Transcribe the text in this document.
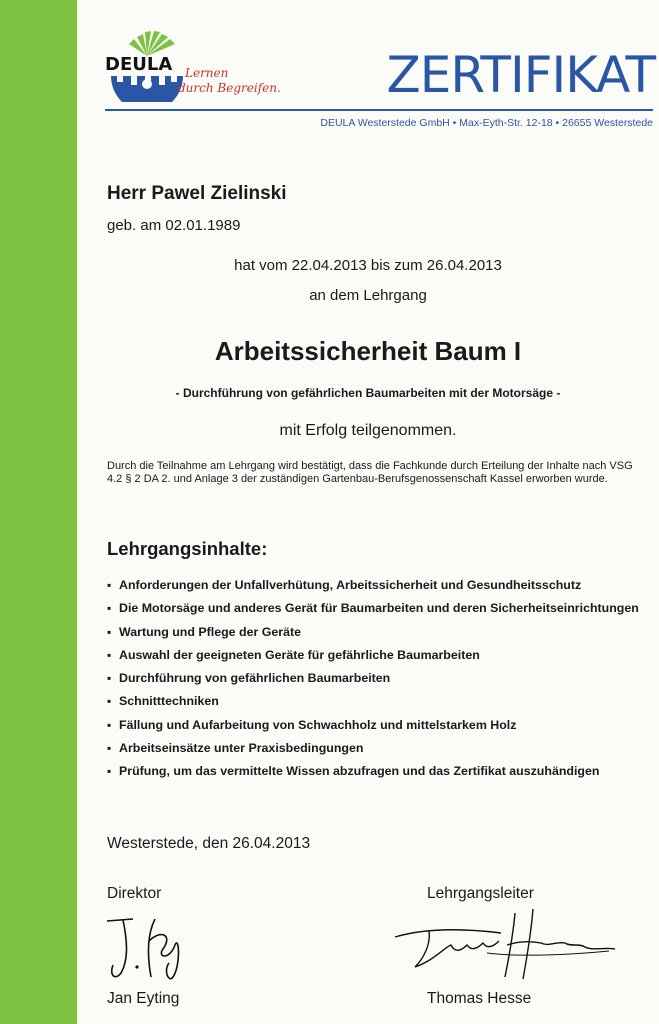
DEULA Lernen
durch Begreifen. ZERTIFIKAT
DEULA Westerstede GmbH • Max-Eyth-Str. 12-18 • 26655 Westerstede
Herr Pawel Zielinski
geb. am 02.01.1989
hat vom 22.04.2013 bis zum 26.04.2013
an dem Lehrgang
Arbeitssicherheit Baum I
- Durchführung von gefährlichen Baumarbeiten mit der Motorsäge -
mit Erfolg teilgenommen.
Durch die Teilnahme am Lehrgang wird bestätigt, dass die Fachkunde durch Erteilung der Inhalte nach VSG 4.2 § 2 DA 2. und Anlage 3 der zuständigen Gartenbau-Berufsgenossenschaft Kassel erworben wurde.
Lehrgangsinhalte:
▪ Anforderungen der Unfallverhütung, Arbeitssicherheit und Gesundheitsschutz
▪ Die Motorsäge und anderes Gerät für Baumarbeiten und deren Sicherheitseinrichtungen
▪ Wartung und Pflege der Geräte
▪ Auswahl der geeigneten Geräte für gefährliche Baumarbeiten
▪ Durchführung von gefährlichen Baumarbeiten
▪ Schnitttechniken
▪ Fällung und Aufarbeitung von Schwachholz und mittelstarkem Holz
▪ Arbeitseinsätze unter Praxisbedingungen
▪ Prüfung, um das vermittelte Wissen abzufragen und das Zertifikat auszuhändigen
Westerstede, den 26.04.2013
Direktor	Lehrgangsleiter
Jan Eyting	Thomas Hesse
